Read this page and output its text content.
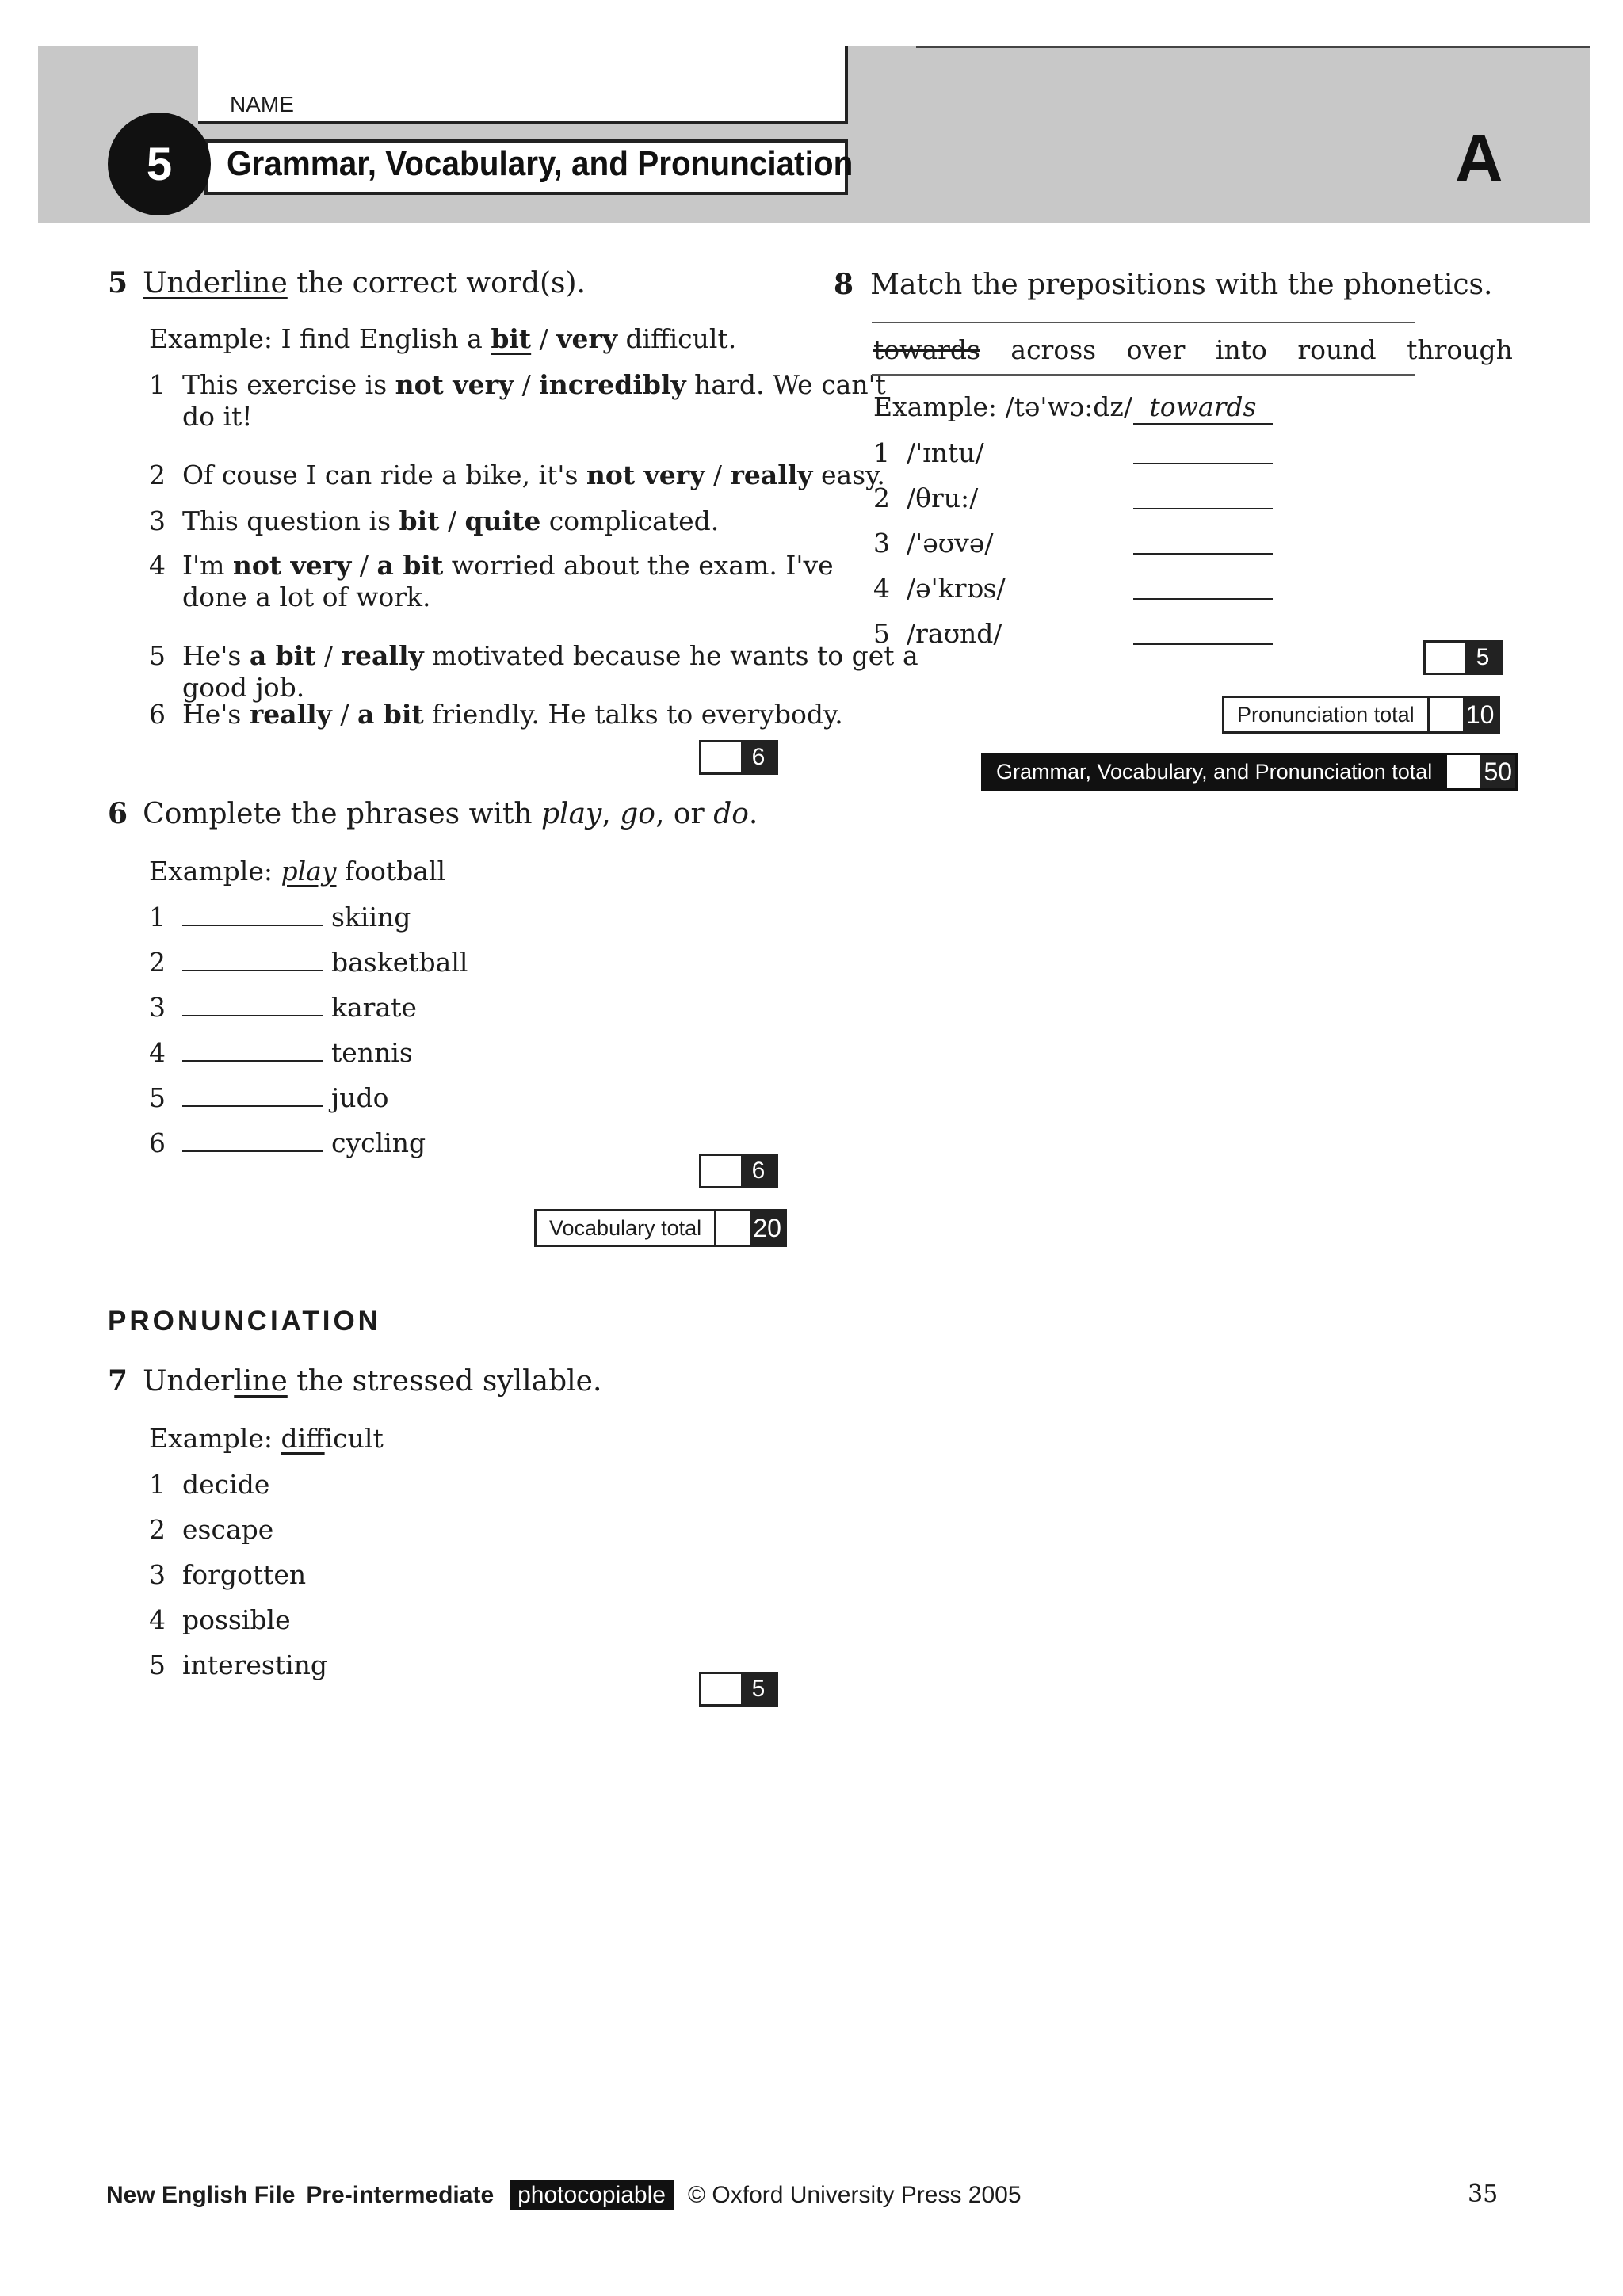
NAME
Grammar, Vocabulary, and Pronunciation
5	A
5 Underline the correct word(s).
Example: I find English a bit / very difficult.
1 This exercise is not very / incredibly hard. We can't
do it!
2 Of couse I can ride a bike, it's not very / really easy.
3 This question is bit / quite complicated.
4 I'm not very / a bit worried about the exam. I've
done a lot of work.
5 He's a bit / really motivated because he wants to get a
good job.
6 He's really / a bit friendly. He talks to everybody.
6
6 Complete the phrases with play, go, or do.
Example: play football
1	skiing
2	basketball
3	karate
4	tennis
5	judo
6	cycling
6
Vocabulary total	20
PRONUNCIATION
7 Underline the stressed syllable.
Example: difficult
1 decide
2 escape
3 forgotten
4 possible
5 interesting
5
8 Match the prepositions with the phonetics.
towards across over into round through
Example: /tə'wɔ:dz/ towards
1 /'ɪntu/
2 /θru:/
3 /'əʊvə/
4 /ə'krɒs/
5 /raʊnd/
5
Pronunciation total	10
Grammar, Vocabulary, and Pronunciation total	50
New English File Pre-intermediate	photocopiable © Oxford University Press 2005	35
